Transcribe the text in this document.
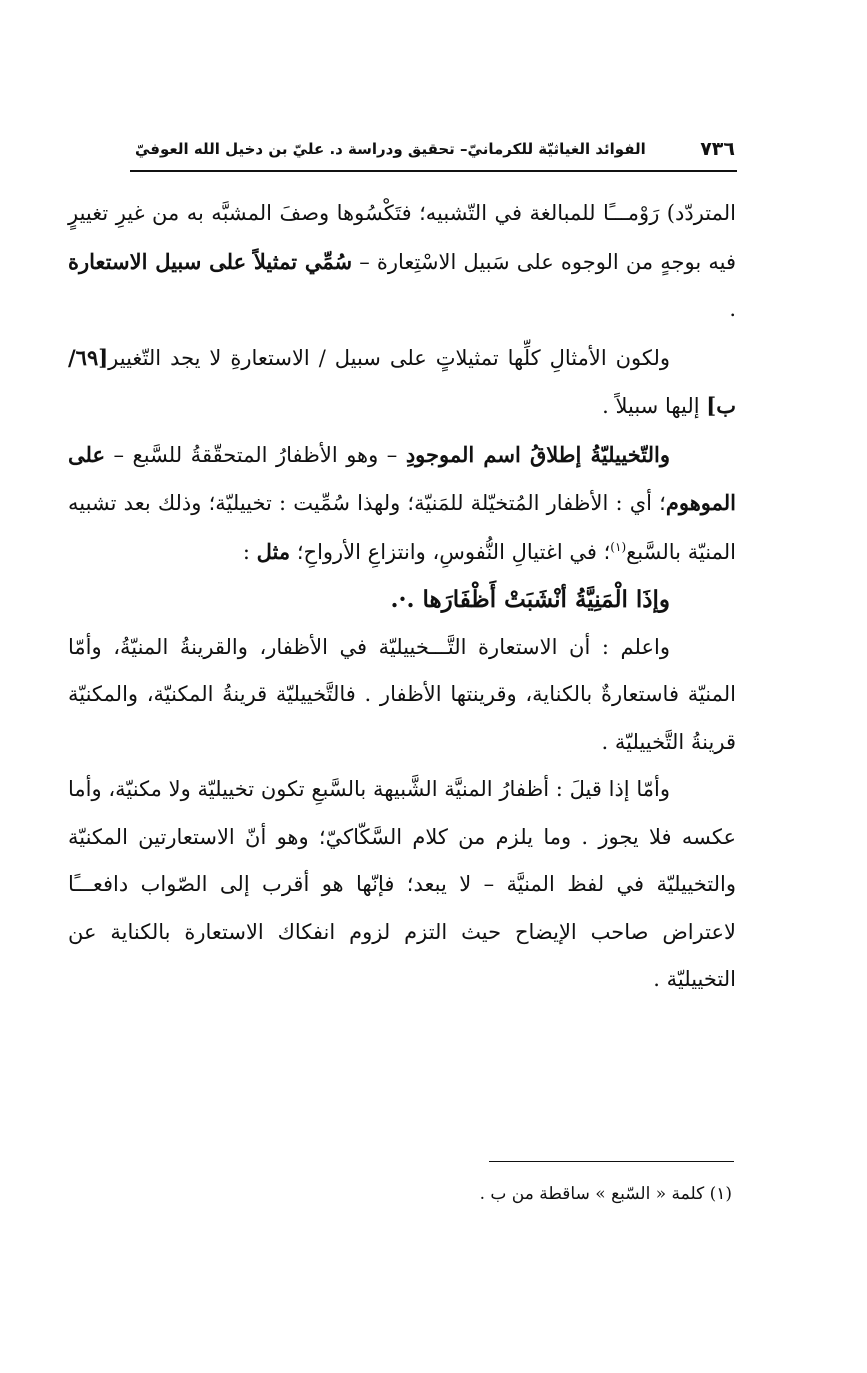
٧٣٦
الفوائد الغياثيّة للكرمانيّ– تحقيق ودراسة د. عليّ بن دخيل الله العوفيّ

المتردّد) رَوْمـــًا للمبالغة في التّشبيه؛ فتَكْسُوها وصفَ المشبَّه به من غيرِ تغييرٍ فيه بوجهٍ من الوجوه على سَبيل الاسْتِعارة – سُمِّي تمثيلاً على سبيل الاستعارة .

ولكون الأمثالِ كلِّها تمثيلاتٍ على سبيل / الاستعارةِ لا يجد التّغيير[٦٩/ب] إليها سبيلاً .

والتّخييليّةُ إطلاقُ اسم الموجودِ – وهو الأظفارُ المتحقّقةُ للسَّبع – على الموهوم؛ أي : الأظفار المُتخيّلة للمَنيّة؛ ولهذا سُمِّيت : تخييليّة؛ وذلك بعد تشبيه المنيّة بالسَّبع$^{(١)}$؛ في اغتيالِ النُّفوسِ، وانتزاعِ الأرواحِ؛ مثل :

وإذَا الْمَنِيَّةُ أنْشَبَتْ أَظْفَارَها .·.

واعلم : أن الاستعارة التَّـــخييليّة في الأظفار، والقرينةُ المنيّةُ، وأمّا المنيّة فاستعارةٌ بالكناية، وقرينتها الأظفار . فالتَّخييليّة قرينةُ المكنيّة، والمكنيّة قرينةُ التَّخييليّة .

وأمّا إذا قيلَ : أظفارُ المنيَّة الشَّبيهة بالسَّبعِ تكون تخييليّة ولا مكنيّة، وأما عكسه فلا يجوز . وما يلزم من كلام السَّكّاكيّ؛ وهو أنّ الاستعارتين المكنيّة والتخييليّة في لفظ المنيَّة – لا يبعد؛ فإنّها هو أقرب إلى الصّواب دافعـــًا لاعتراض صاحب الإيضاح حيث التزم لزوم انفكاك الاستعارة بالكناية عن التخييليّة .

(١) كلمة « السّبع » ساقطة من ب .
